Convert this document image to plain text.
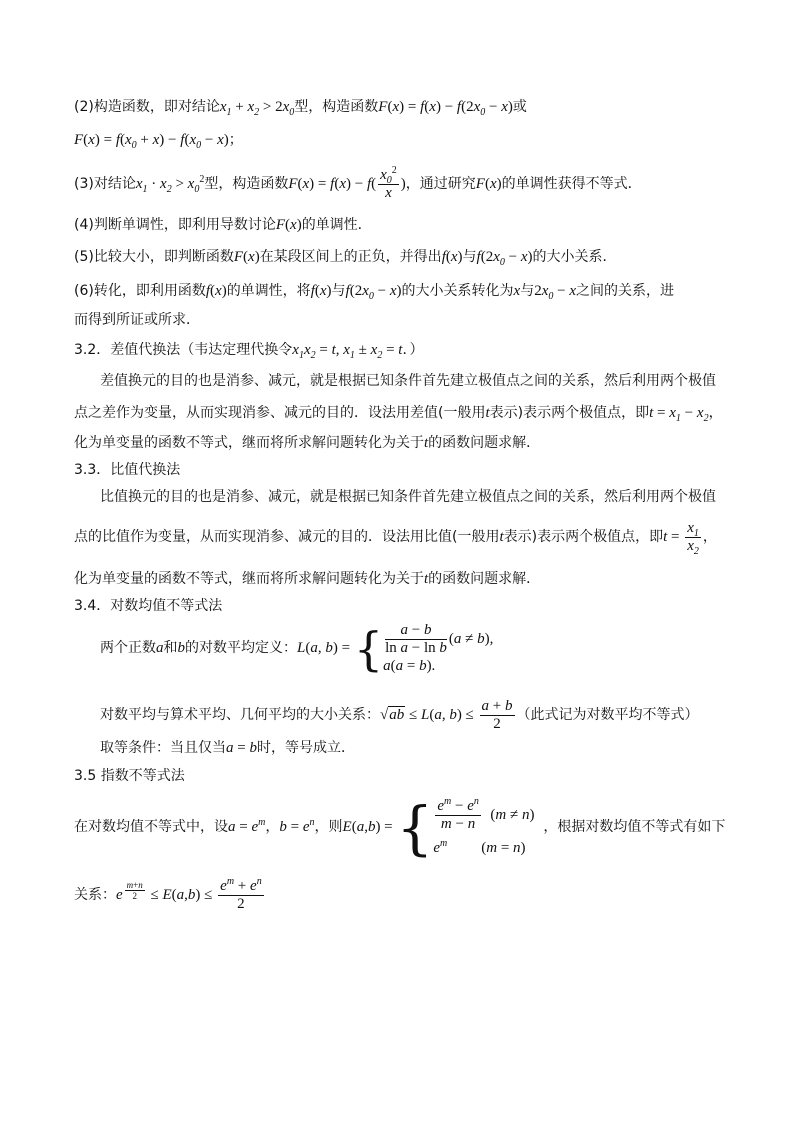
(2)构造函数，即对结论$x_1 + x_2 > 2x_0$型，构造函数$F(x) = f(x) - f(2x_0 - x)$或
$F(x) = f(x_0 + x) - f(x_0 - x)$；
(3)对结论$x_1 \cdot x_2 > x_0^2$型，构造函数$F(x) = f(x) - f( \frac{x_0^2}{x}$ )，通过研究F(x)的单调性获得不等式．
(4)判断单调性，即利用导数讨论F(x)的单调性．
(5)比较大小，即判断函数F(x)在某段区间上的正负，并得出f(x)与$f(2x_0 - x)$的大小关系．
(6)转化，即利用函数f(x)的单调性，将f(x)与$f(2x_0 - x)$的大小关系转化为x与$2x_0 - x$之间的关系，进
而得到所证或所求．
3.2．差值代换法（韦达定理代换令$x_1x_2 = t$, $x_1 \pm x_2 = t$．）
差值换元的目的也是消参、减元，就是根据已知条件首先建立极值点之间的关系，然后利用两个极值
点之差作为变量，从而实现消参、减元的目的．设法用差值(一般用t表示)表示两个极值点，即$t = x_1 - x_2$，
化为单变量的函数不等式，继而将所求解问题转化为关于t的函数问题求解．
3.3．比值代换法
比值换元的目的也是消参、减元，就是根据已知条件首先建立极值点之间的关系，然后利用两个极值
点的比值作为变量，从而实现消参、减元的目的．设法用比值(一般用t表示)表示两个极值点，即$t = \frac{x_1}{x_2}$ ，
化为单变量的函数不等式，继而将所求解问题转化为关于t的函数问题求解．
3.4．对数均值不等式法
两个正数a和b的对数平均定义：L(a, b) = { $\frac{a - b}{\text{ln a − ln b}} (a \ne b)$,
a(a = b).
对数平均与算术平均、几何平均的大小关系：√ab ≤ L(a, $b) \le \frac{a + b}{2}$ （此式记为对数平均不等式）
取等条件：当且仅当a = b时，等号成立．
3.5 指数不等式法
在对数均值不等式中，设$a = e^m$，$b = e^n$，则E(a,b) = { $\frac{e^m - e^n}{m - n} (m \ne n)$
$e^m$ (m = n)
，根据对数均值不等式有如下
关系：e $^{\frac{m+n}{2}} \le E(a,b) \le \frac{e^m + e^n}{2}$
